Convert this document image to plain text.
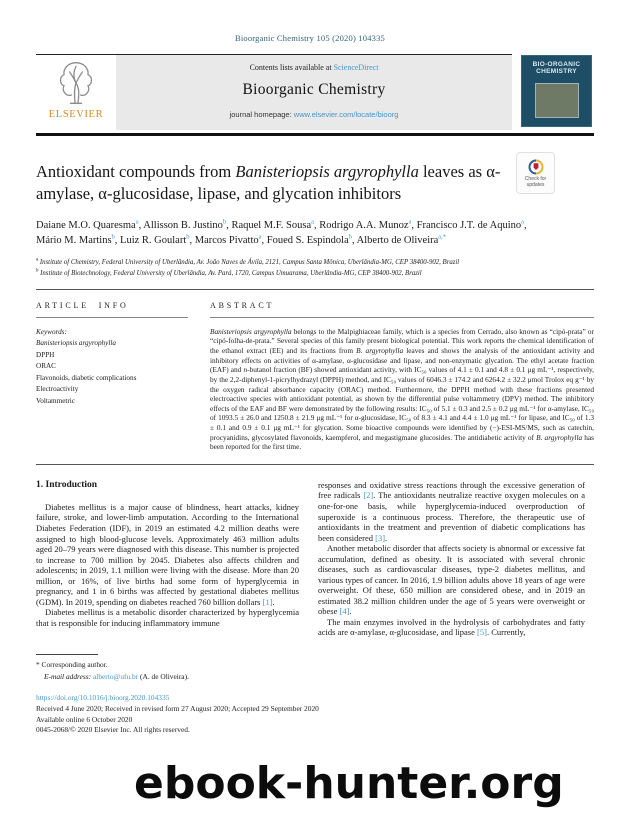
Bioorganic Chemistry 105 (2020) 104335
ELSEVIER
Contents lists available at ScienceDirect
Bioorganic Chemistry
journal homepage: www.elsevier.com/locate/bioorg
BIO-ORGANIC CHEMISTRY
Check for updates
Antioxidant compounds from Banisteriopsis argyrophylla leaves as α-amylase, α-glucosidase, lipase, and glycation inhibitors
Daiane M.O. Quaresma$^a$, Allisson B. Justino$^b$, Raquel M.F. Sousa$^a$, Rodrigo A.A. Munoz$^a$, Francisco J.T. de Aquino$^a$, Mário M. Martins$^b$, Luiz R. Goulart$^b$, Marcos Pivatto$^a$, Foued S. Espindola$^b$, Alberto de Oliveira$^{a,*}$
$^a$ Institute of Chemistry, Federal University of Uberlândia, Av. João Naves de Ávila, 2121, Campus Santa Mônica, Uberlândia-MG, CEP 38400-902, Brazil
$^b$ Institute of Biotechnology, Federal University of Uberlândia, Av. Pará, 1720, Campus Umuarama, Uberlândia-MG, CEP 38400-902, Brazil
ARTICLE INFO
Keywords:
Banisteriopsis argyrophylla
DPPH
ORAC
Flavonoids, diabetic complications
Electroactivity
Voltammetric
ABSTRACT
Banisteriopsis argyrophylla belongs to the Malpighiaceae family, which is a species from Cerrado, also known as “cipó-prata” or “cipó-folha-de-prata.” Several species of this family present biological potential. This work reports the chemical identification of the ethanol extract (EE) and its fractions from B. argyrophylla leaves and shows the analysis of the antioxidant activity and inhibitory effects on activities of α-amylase, α-glucosidase and lipase, and non-enzymatic glycation. The ethyl acetate fraction (EAF) and n-butanol fraction (BF) showed antioxidant activity, with IC₅₀ values of 4.1 ± 0.1 and 4.8 ± 0.1 μg mL⁻¹, respectively, by the 2,2-diphenyl-1-picrylhydrazyl (DPPH) method, and IC₅₀ values of 6046.3 ± 174.2 and 6264.2 ± 32.2 μmol Trolox eq g⁻¹ by the oxygen radical absorbance capacity (ORAC) method. Furthermore, the DPPH method with these fractions presented electroactive species with antioxidant potential, as shown by the differential pulse voltammetry (DPV) method. The inhibitory effects of the EAF and BF were demonstrated by the following results: IC₅₀ of 5.1 ± 0.3 and 2.5 ± 0.2 μg mL⁻¹ for α-amylase, IC₅₀ of 1093.5 ± 26.0 and 1250.8 ± 21.9 μg mL⁻¹ for α-glucosidase, IC₅₀ of 8.3 ± 4.1 and 4.4 ± 1.0 μg mL⁻¹ for lipase, and IC₅₀ of 1.3 ± 0.1 and 0.9 ± 0.1 μg mL⁻¹ for glycation. Some bioactive compounds were identified by (−)-ESI-MS/MS, such as catechin, procyanidins, glycosylated flavonoids, kaempferol, and megastigmane glucosides. The antidiabetic activity of B. argyrophylla has been reported for the first time.
1. Introduction

Diabetes mellitus is a major cause of blindness, heart attacks, kidney failure, stroke, and lower-limb amputation. According to the International Diabetes Federation (IDF), in 2019 an estimated 4.2 million deaths were assigned to high blood-glucose levels. Approximately 463 million adults aged 20–79 years were diagnosed with this disease. This number is projected to increase to 700 million by 2045. Diabetes also affects children and adolescents; in 2019, 1.1 million were living with the disease. More than 20 million, or 16%, of live births had some form of hyperglycemia in pregnancy, and 1 in 6 births was affected by gestational diabetes mellitus (GDM). In 2019, spending on diabetes reached 760 billion dollars [1].

Diabetes mellitus is a metabolic disorder characterized by hyperglycemia that is responsible for inducing inflammatory immune

* Corresponding author.
E-mail address: alberto@ufu.br (A. de Oliveira).

responses and oxidative stress reactions through the excessive generation of free radicals [2]. The antioxidants neutralize reactive oxygen molecules on a one-for-one basis, while hyperglycemia-induced overproduction of superoxide is a continuous process. Therefore, the therapeutic use of antioxidants in the treatment and prevention of diabetic complications has been considered [3].

Another metabolic disorder that affects society is abnormal or excessive fat accumulation, defined as obesity. It is associated with several chronic diseases, such as cardiovascular diseases, type-2 diabetes mellitus, and various types of cancer. In 2016, 1.9 billion adults above 18 years of age were overweight. Of these, 650 million are considered obese, and in 2019 an estimated 38.2 million children under the age of 5 years were overweight or obese [4].

The main enzymes involved in the hydrolysis of carbohydrates and fatty acids are α-amylase, α-glucosidase, and lipase [5]. Currently,

https://doi.org/10.1016/j.bioorg.2020.104335
Received 4 June 2020; Received in revised form 27 August 2020; Accepted 29 September 2020
Available online 6 October 2020
0045-2068/© 2020 Elsevier Inc. All rights reserved.
ebook-hunter.org
